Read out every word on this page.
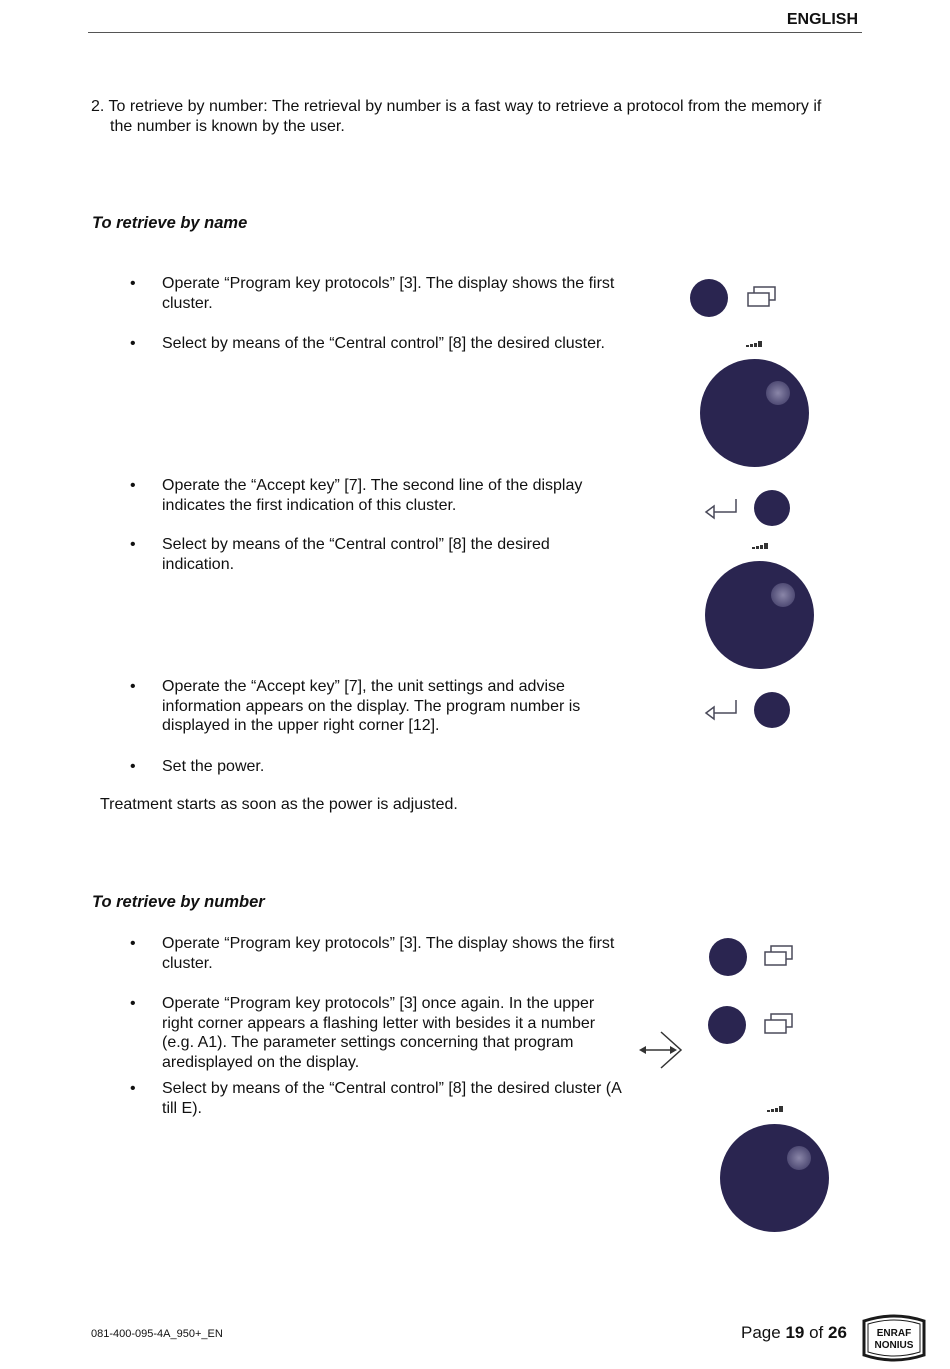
ENGLISH
2. To retrieve by number: The retrieval by number is a fast way to retrieve a protocol from the memory if
the number is known by the user.
To retrieve by name
• Operate “Program key protocols” [3]. The display shows the first cluster.
• Select by means of the “Central control” [8] the desired cluster.
• Operate the “Accept key” [7]. The second line of the display indicates the first indication of this cluster.
• Select by means of the “Central control” [8] the desired indication.
• Operate the “Accept key” [7], the unit settings and advise information appears on the display. The program number is displayed in the upper right corner [12].
• Set the power.
Treatment starts as soon as the power is adjusted.
To retrieve by number
• Operate “Program key protocols” [3]. The display shows the first cluster.
• Operate “Program key protocols” [3] once again. In the upper right corner appears a flashing letter with besides it a number (e.g. A1). The parameter settings concerning that program aredisplayed on the display.
• Select by means of the “Central control” [8] the desired cluster (A till E).
081-400-095-4A_950+_EN	Page 19 of 26	ENRAF
NONIUS
